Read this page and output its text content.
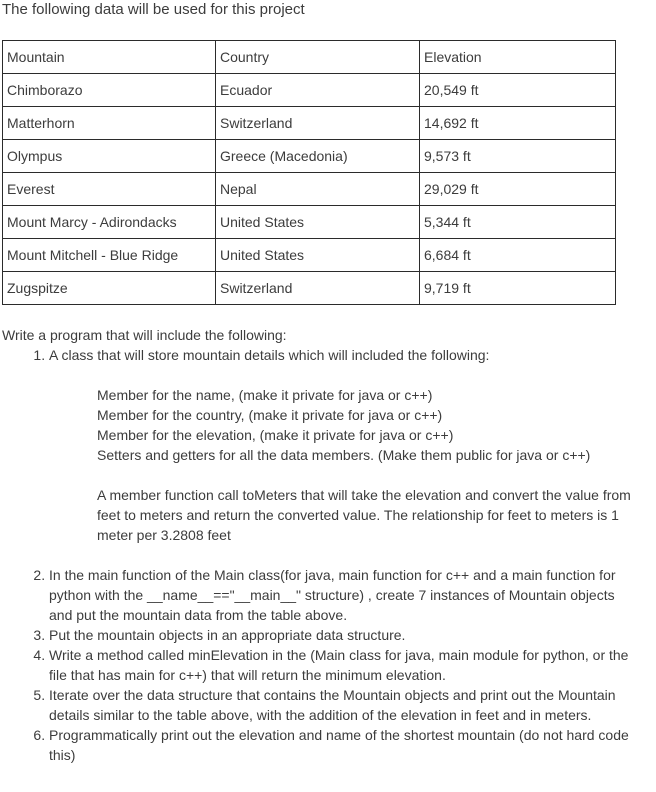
The following data will be used for this project
Mountain	Country	Elevation
Chimborazo	Ecuador	20,549 ft
Matterhorn	Switzerland	14,692 ft
Olympus	Greece (Macedonia)	9,573 ft
Everest	Nepal	29,029 ft
Mount Marcy - Adirondacks	United States	5,344 ft
Mount Mitchell - Blue Ridge	United States	6,684 ft
Zugspitze	Switzerland	9,719 ft
Write a program that will include the following:
1. A class that will store mountain details which will included the following:
Member for the name, (make it private for java or c++)
Member for the country, (make it private for java or c++)
Member for the elevation, (make it private for java or c++)
Setters and getters for all the data members. (Make them public for java or c++)
A member function call toMeters that will take the elevation and convert the value from feet to meters and return the converted value. The relationship for feet to meters is 1 meter per 3.2808 feet
2. In the main function of the Main class(for java, main function for c++ and a main function for python with the __name__=="__main__" structure) , create 7 instances of Mountain objects and put the mountain data from the table above.
3. Put the mountain objects in an appropriate data structure.
4. Write a method called minElevation in the (Main class for java, main module for python, or the file that has main for c++) that will return the minimum elevation.
5. Iterate over the data structure that contains the Mountain objects and print out the Mountain details similar to the table above, with the addition of the elevation in feet and in meters.
6. Programmatically print out the elevation and name of the shortest mountain (do not hard code this)
